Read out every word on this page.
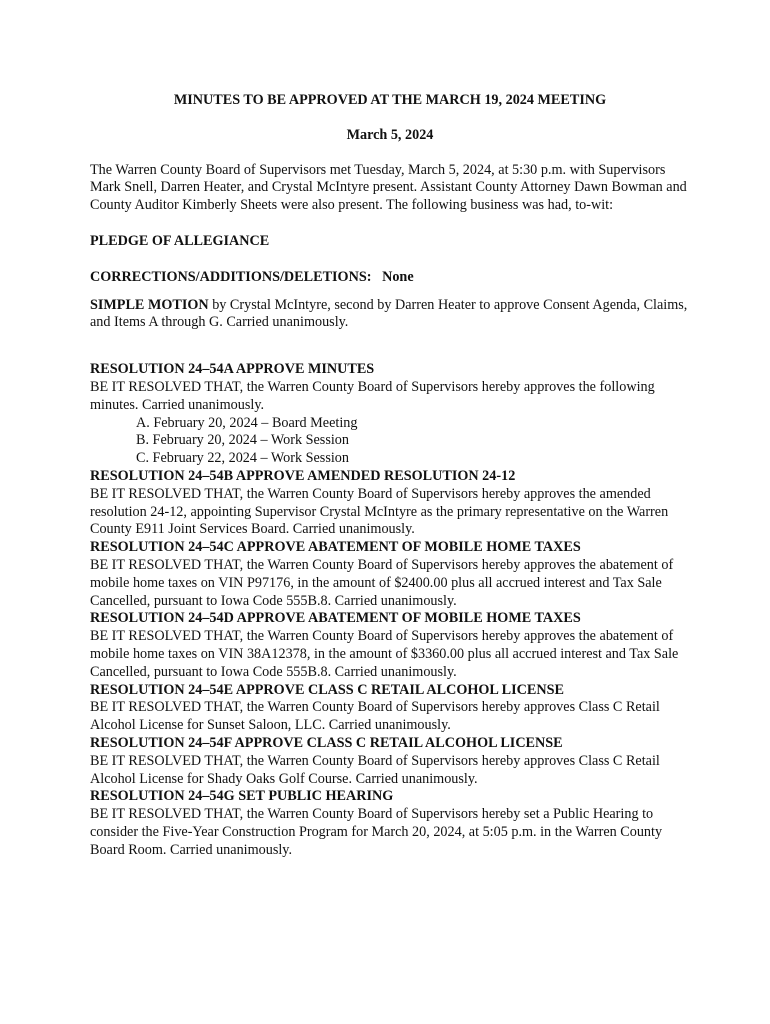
MINUTES TO BE APPROVED AT THE MARCH 19, 2024 MEETING

March 5, 2024

The Warren County Board of Supervisors met Tuesday, March 5, 2024, at 5:30 p.m. with Supervisors Mark Snell, Darren Heater, and Crystal McIntyre present. Assistant County Attorney Dawn Bowman and County Auditor Kimberly Sheets were also present. The following business was had, to-wit:

PLEDGE OF ALLEGIANCE

CORRECTIONS/ADDITIONS/DELETIONS: None

SIMPLE MOTION by Crystal McIntyre, second by Darren Heater to approve Consent Agenda, Claims, and Items A through G. Carried unanimously.

RESOLUTION 24–54A APPROVE MINUTES

BE IT RESOLVED THAT, the Warren County Board of Supervisors hereby approves the following minutes. Carried unanimously.

A. February 20, 2024 – Board Meeting
B. February 20, 2024 – Work Session
C. February 22, 2024 – Work Session

RESOLUTION 24–54B APPROVE AMENDED RESOLUTION 24-12

BE IT RESOLVED THAT, the Warren County Board of Supervisors hereby approves the amended resolution 24-12, appointing Supervisor Crystal McIntyre as the primary representative on the Warren County E911 Joint Services Board. Carried unanimously.

RESOLUTION 24–54C APPROVE ABATEMENT OF MOBILE HOME TAXES

BE IT RESOLVED THAT, the Warren County Board of Supervisors hereby approves the abatement of mobile home taxes on VIN P97176, in the amount of $2400.00 plus all accrued interest and Tax Sale Cancelled, pursuant to Iowa Code 555B.8. Carried unanimously.

RESOLUTION 24–54D APPROVE ABATEMENT OF MOBILE HOME TAXES

BE IT RESOLVED THAT, the Warren County Board of Supervisors hereby approves the abatement of mobile home taxes on VIN 38A12378, in the amount of $3360.00 plus all accrued interest and Tax Sale Cancelled, pursuant to Iowa Code 555B.8. Carried unanimously.

RESOLUTION 24–54E APPROVE CLASS C RETAIL ALCOHOL LICENSE

BE IT RESOLVED THAT, the Warren County Board of Supervisors hereby approves Class C Retail Alcohol License for Sunset Saloon, LLC. Carried unanimously.

RESOLUTION 24–54F APPROVE CLASS C RETAIL ALCOHOL LICENSE

BE IT RESOLVED THAT, the Warren County Board of Supervisors hereby approves Class C Retail Alcohol License for Shady Oaks Golf Course. Carried unanimously.

RESOLUTION 24–54G SET PUBLIC HEARING

BE IT RESOLVED THAT, the Warren County Board of Supervisors hereby set a Public Hearing to consider the Five-Year Construction Program for March 20, 2024, at 5:05 p.m. in the Warren County Board Room. Carried unanimously.
